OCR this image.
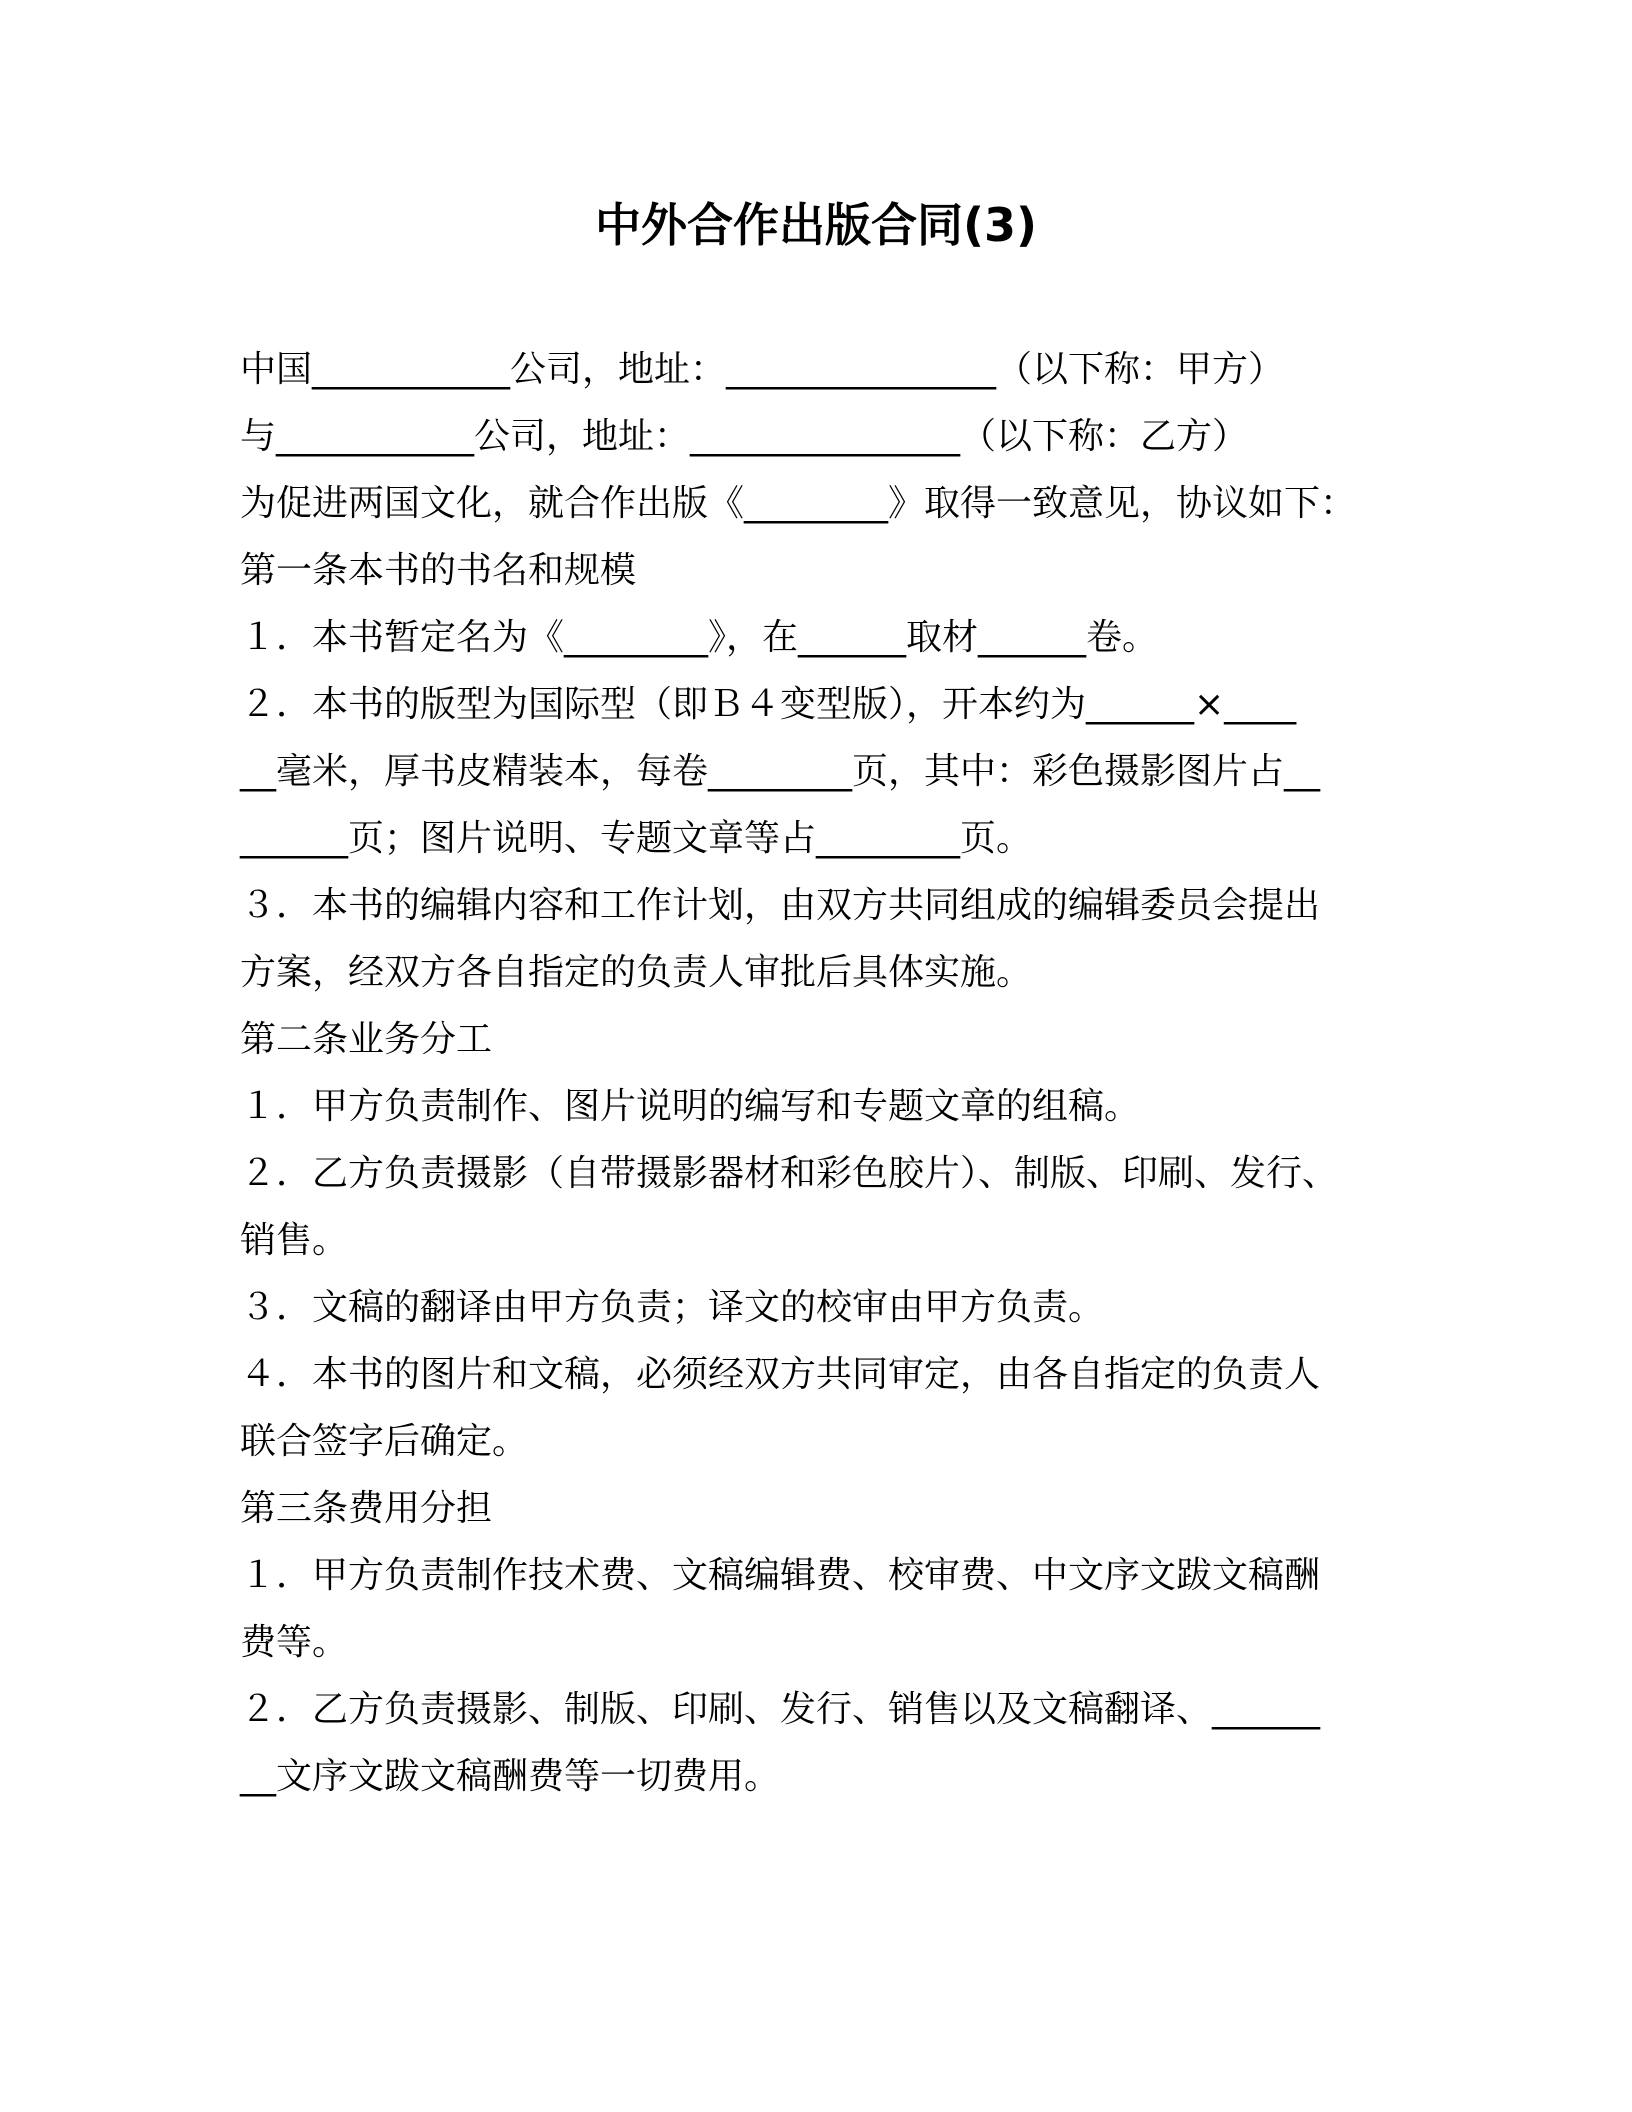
中外合作出版合同(3)
中国___________公司，地址：_______________（以下称：甲方）
与___________公司，地址：_______________（以下称：乙方）
为促进两国文化，就合作出版《________》取得一致意见，协议如下：
第一条本书的书名和规模
１．本书暂定名为《________》，在______取材______卷。
２．本书的版型为国际型（即Ｂ４变型版），开本约为______×____
__毫米，厚书皮精装本，每卷________页，其中：彩色摄影图片占__
______页；图片说明、专题文章等占________页。
３．本书的编辑内容和工作计划，由双方共同组成的编辑委员会提出
方案，经双方各自指定的负责人审批后具体实施。
第二条业务分工
１．甲方负责制作、图片说明的编写和专题文章的组稿。
２．乙方负责摄影（自带摄影器材和彩色胶片）、制版、印刷、发行、
销售。
３．文稿的翻译由甲方负责；译文的校审由甲方负责。
４．本书的图片和文稿，必须经双方共同审定，由各自指定的负责人
联合签字后确定。
第三条费用分担
１．甲方负责制作技术费、文稿编辑费、校审费、中文序文跋文稿酬
费等。
２．乙方负责摄影、制版、印刷、发行、销售以及文稿翻译、______
__文序文跋文稿酬费等一切费用。
